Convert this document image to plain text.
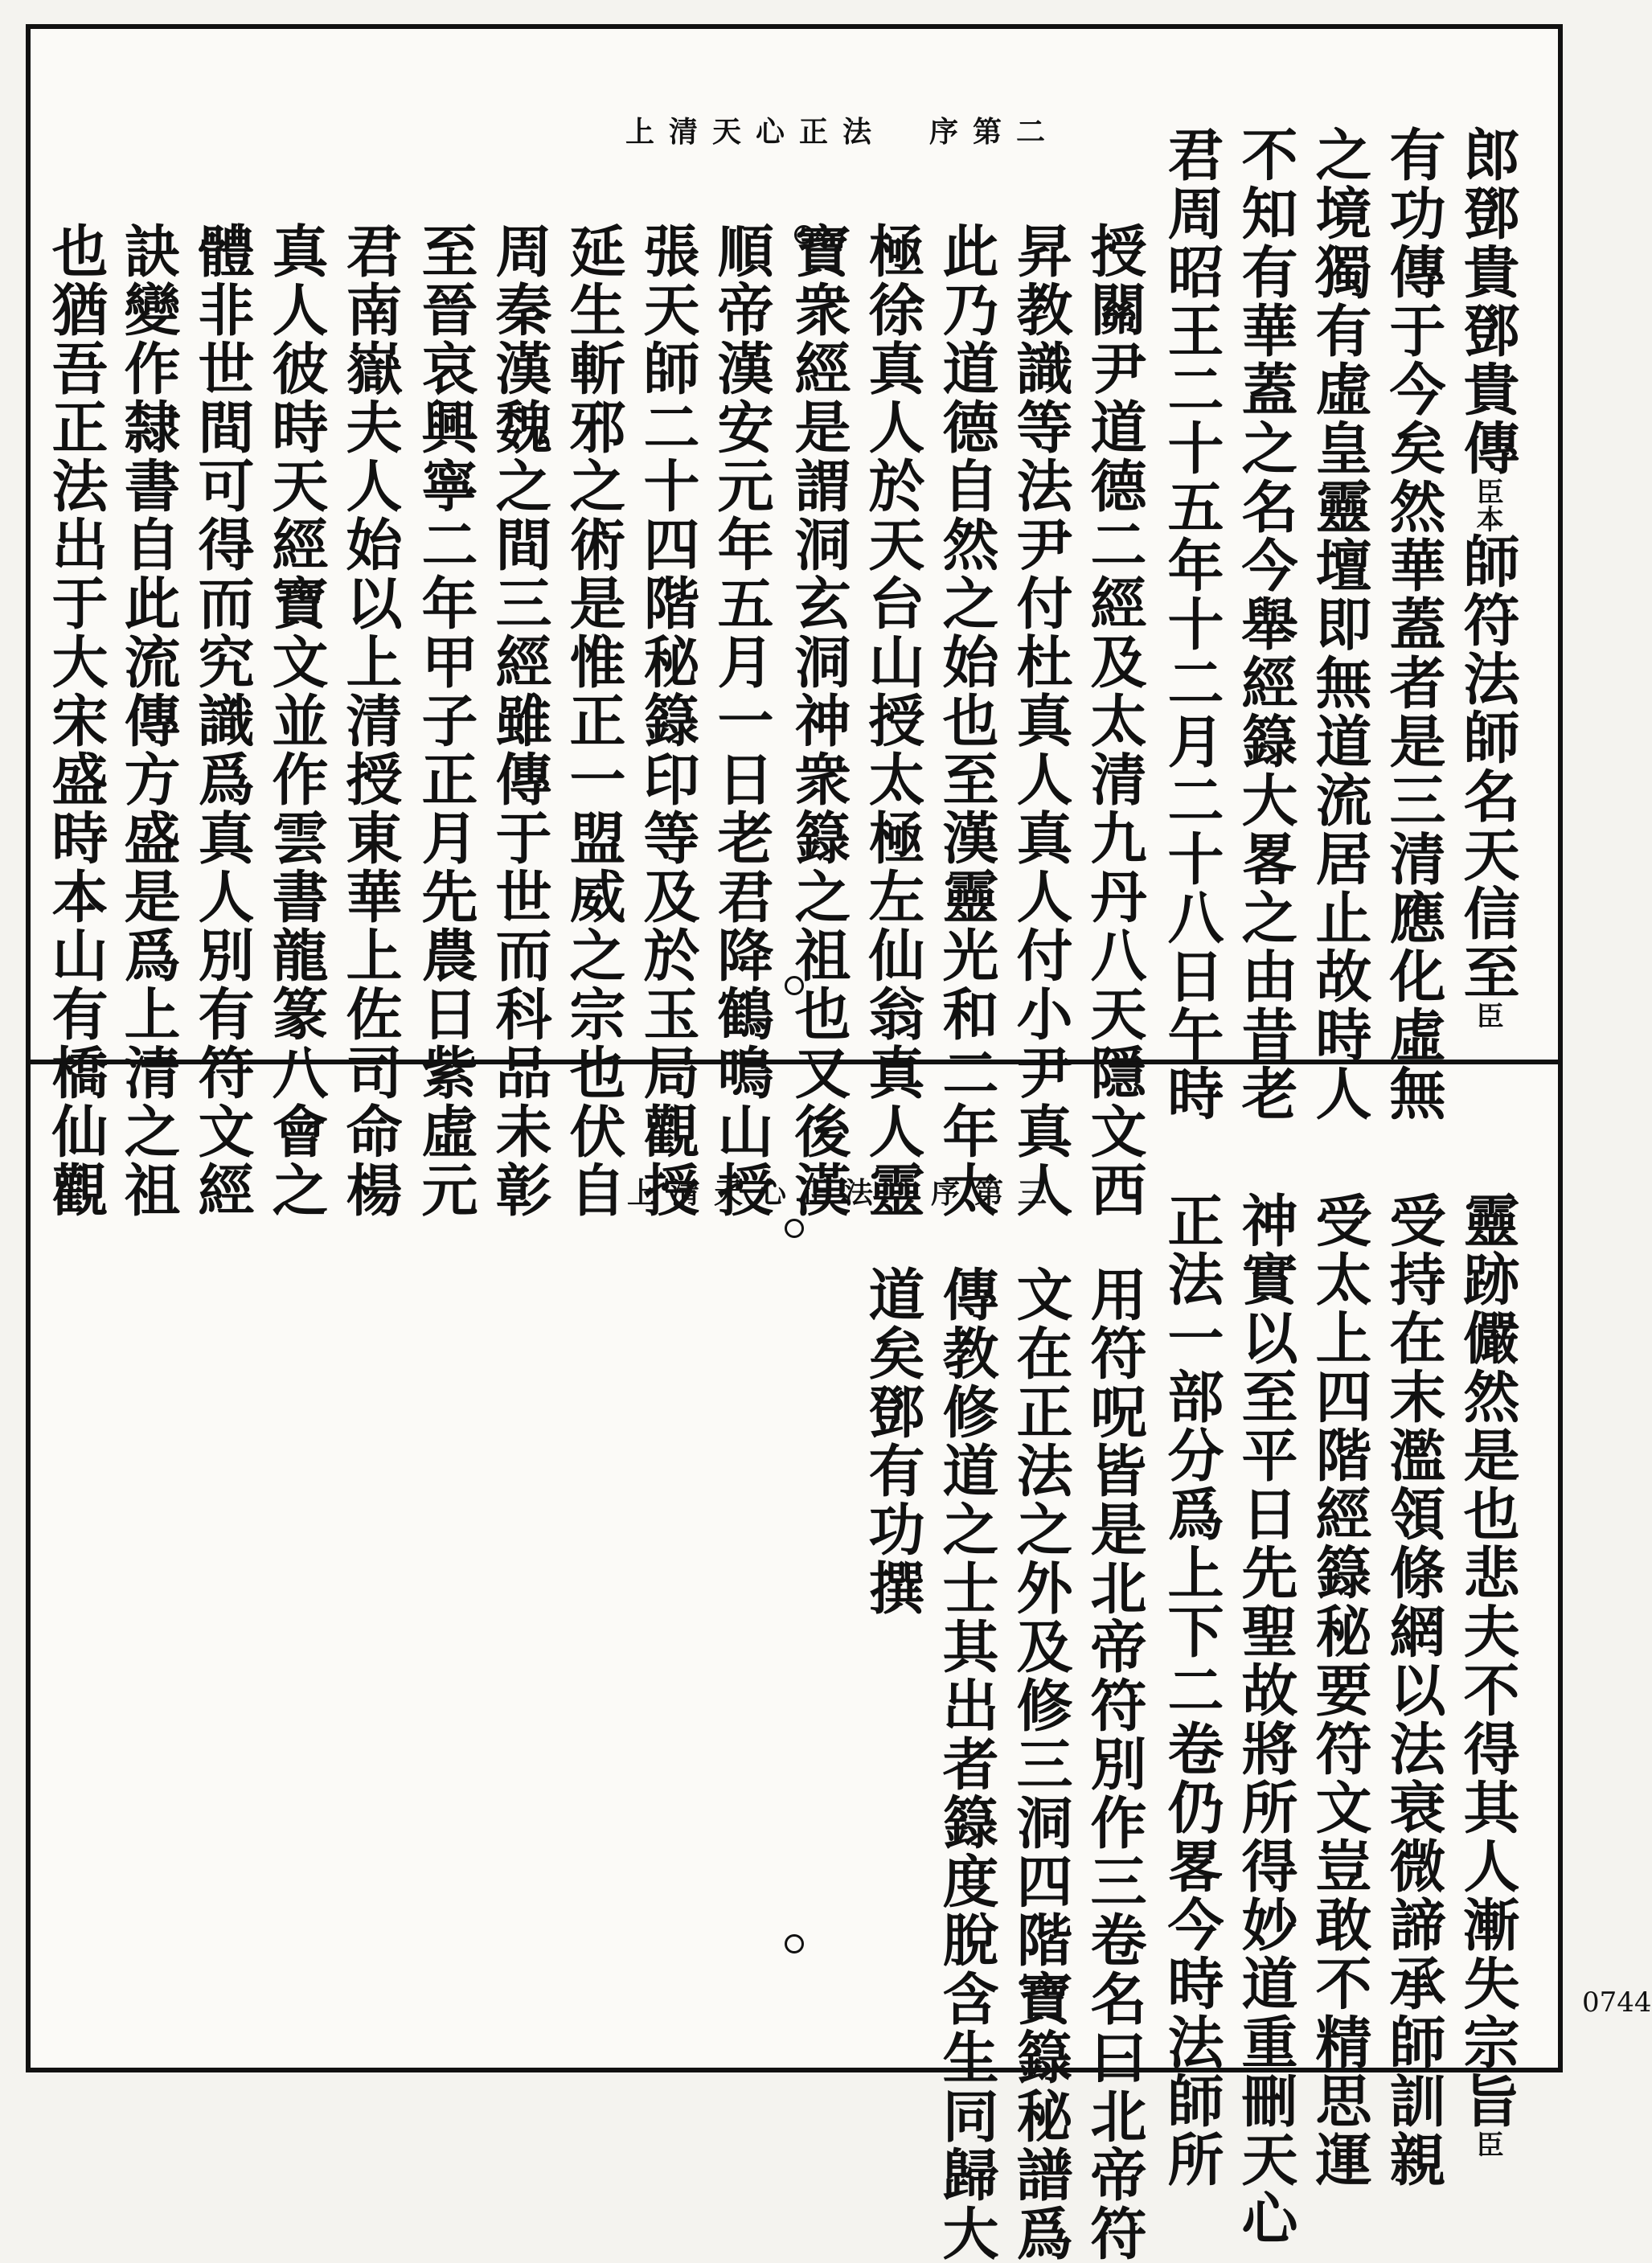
上清天心正法　序第二	郎鄧貴鄧貴傳臣本師符法師名天信至臣
有功傳于今矣然華蓋者是三清應化虛無
之境獨有虛皇靈壇即無道流居止故時人
不知有華蓋之名今舉經籙大畧之由昔老
君周昭王二十五年十二月二十八日午時
授關尹道德二經及太清九丹八天隱文西
昇教識等法尹付杜真人真人付小尹真人
此乃道德自然之始也至漢靈光和二年太
極徐真人於天台山授太極左仙翁真人靈
寶衆經是謂洞玄洞神衆籙之祖也又後漢
順帝漢安元年五月一日老君降鶴鳴山授
張天師二十四階秘籙印等及於玉局觀授
延生斬邪之術是惟正一盟威之宗也伏自
周秦漢魏之間三經雖傳于世而科品未彰
至晉哀興寧二年甲子正月先農日紫虛元
君南嶽夫人始以上清授東華上佐司命楊
真人彼時天經寶文並作雲書龍篆八會之
體非世間可得而究識爲真人別有符文經
訣變作隸書自此流傳方盛是爲上清之祖
也猶吾正法出于大宋盛時本山有橋仙觀	上清天心正法　序第三	靈跡儼然是也悲夫不得其人漸失宗旨臣
受持在末濫領條網以法衰微諦承師訓親
受太上四階經籙秘要符文豈敢不精思運
神實以至平日先聖故將所得妙道重刪天心
正法一部分爲上下二卷仍畧今時法師所
用符呪皆是北帝符別作三卷名曰北帝符
文在正法之外及修三洞四階寶籙秘譜爲
傳教修道之士其出者籙度脫含生同歸大
道矣鄧有功撰
0744
